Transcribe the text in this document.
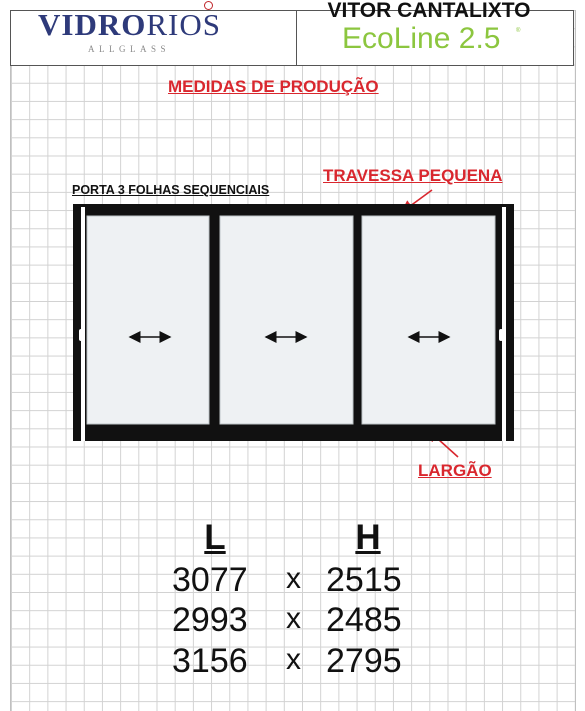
VIDRORIOS
ALLGLASS
VITOR CANTALIXTO
EcoLine 2.5	®
MEDIDAS DE PRODUÇÃO
PORTA 3 FOLHAS SEQUENCIAIS
TRAVESSA PEQUENA
LARGÃO
L	H
3077 x 2515
2993 x 2485
3156 x 2795
